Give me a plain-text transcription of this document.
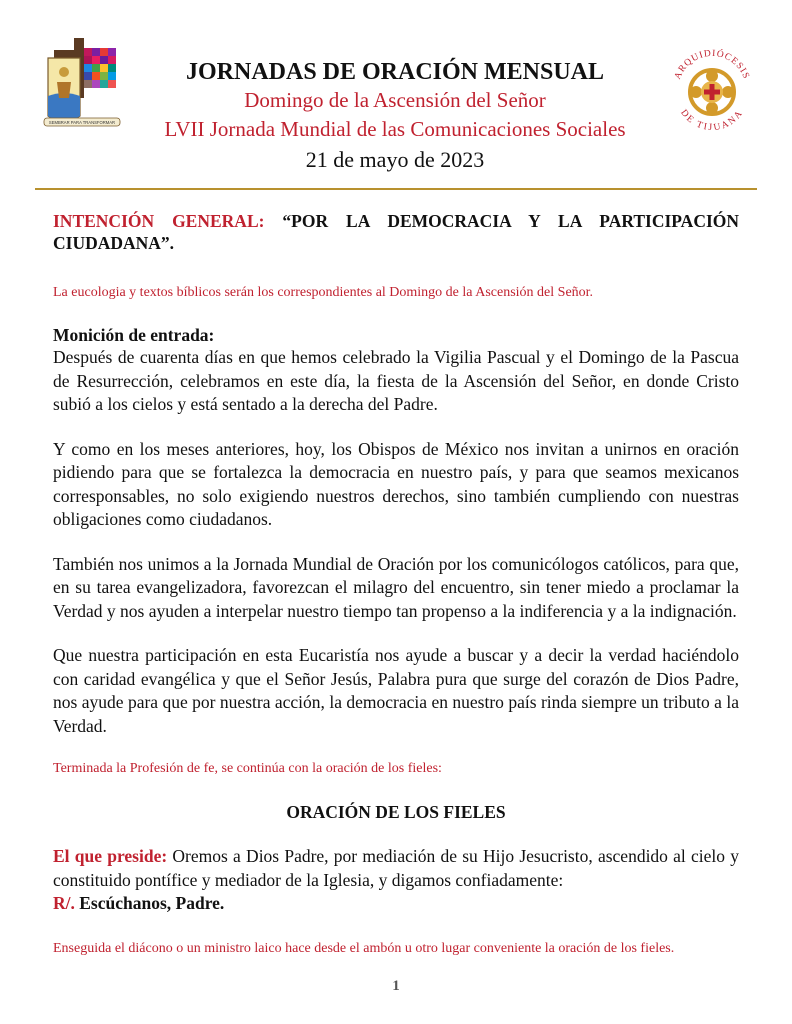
SEMBRAR PARA TRANSFORMAR
JORNADAS DE ORACIÓN MENSUAL
Domingo de la Ascensión del Señor
LVII Jornada Mundial de las Comunicaciones Sociales
21 de mayo de 2023
ARQUIDIÓCESIS
DE TIJUANA

INTENCIÓN GENERAL: “POR LA DEMOCRACIA Y LA PARTICIPACIÓN CIUDADANA”.

La eucologia y textos bíblicos serán los correspondientes al Domingo de la Ascensión del Señor.

Monición de entrada:

Después de cuarenta días en que hemos celebrado la Vigilia Pascual y el Domingo de la Pascua de Resurrección, celebramos en este día, la fiesta de la Ascensión del Señor, en donde Cristo subió a los cielos y está sentado a la derecha del Padre.

Y como en los meses anteriores, hoy, los Obispos de México nos invitan a unirnos en oración pidiendo para que se fortalezca la democracia en nuestro país, y para que seamos mexicanos corresponsables, no solo exigiendo nuestros derechos, sino también cumpliendo con nuestras obligaciones como ciudadanos.

También nos unimos a la Jornada Mundial de Oración por los comunicólogos católicos, para que, en su tarea evangelizadora, favorezcan el milagro del encuentro, sin tener miedo a proclamar la Verdad y nos ayuden a interpelar nuestro tiempo tan propenso a la indiferencia y a la indignación.

Que nuestra participación en esta Eucaristía nos ayude a buscar y a decir la verdad haciéndolo con caridad evangélica y que el Señor Jesús, Palabra pura que surge del corazón de Dios Padre, nos ayude para que por nuestra acción, la democracia en nuestro país rinda siempre un tributo a la Verdad.

Terminada la Profesión de fe, se continúa con la oración de los fieles:

ORACIÓN DE LOS FIELES

El que preside: Oremos a Dios Padre, por mediación de su Hijo Jesucristo, ascendido al cielo y constituido pontífice y mediador de la Iglesia, y digamos confiadamente:

R/. Escúchanos, Padre.

Enseguida el diácono o un ministro laico hace desde el ambón u otro lugar conveniente la oración de los fieles.

1
